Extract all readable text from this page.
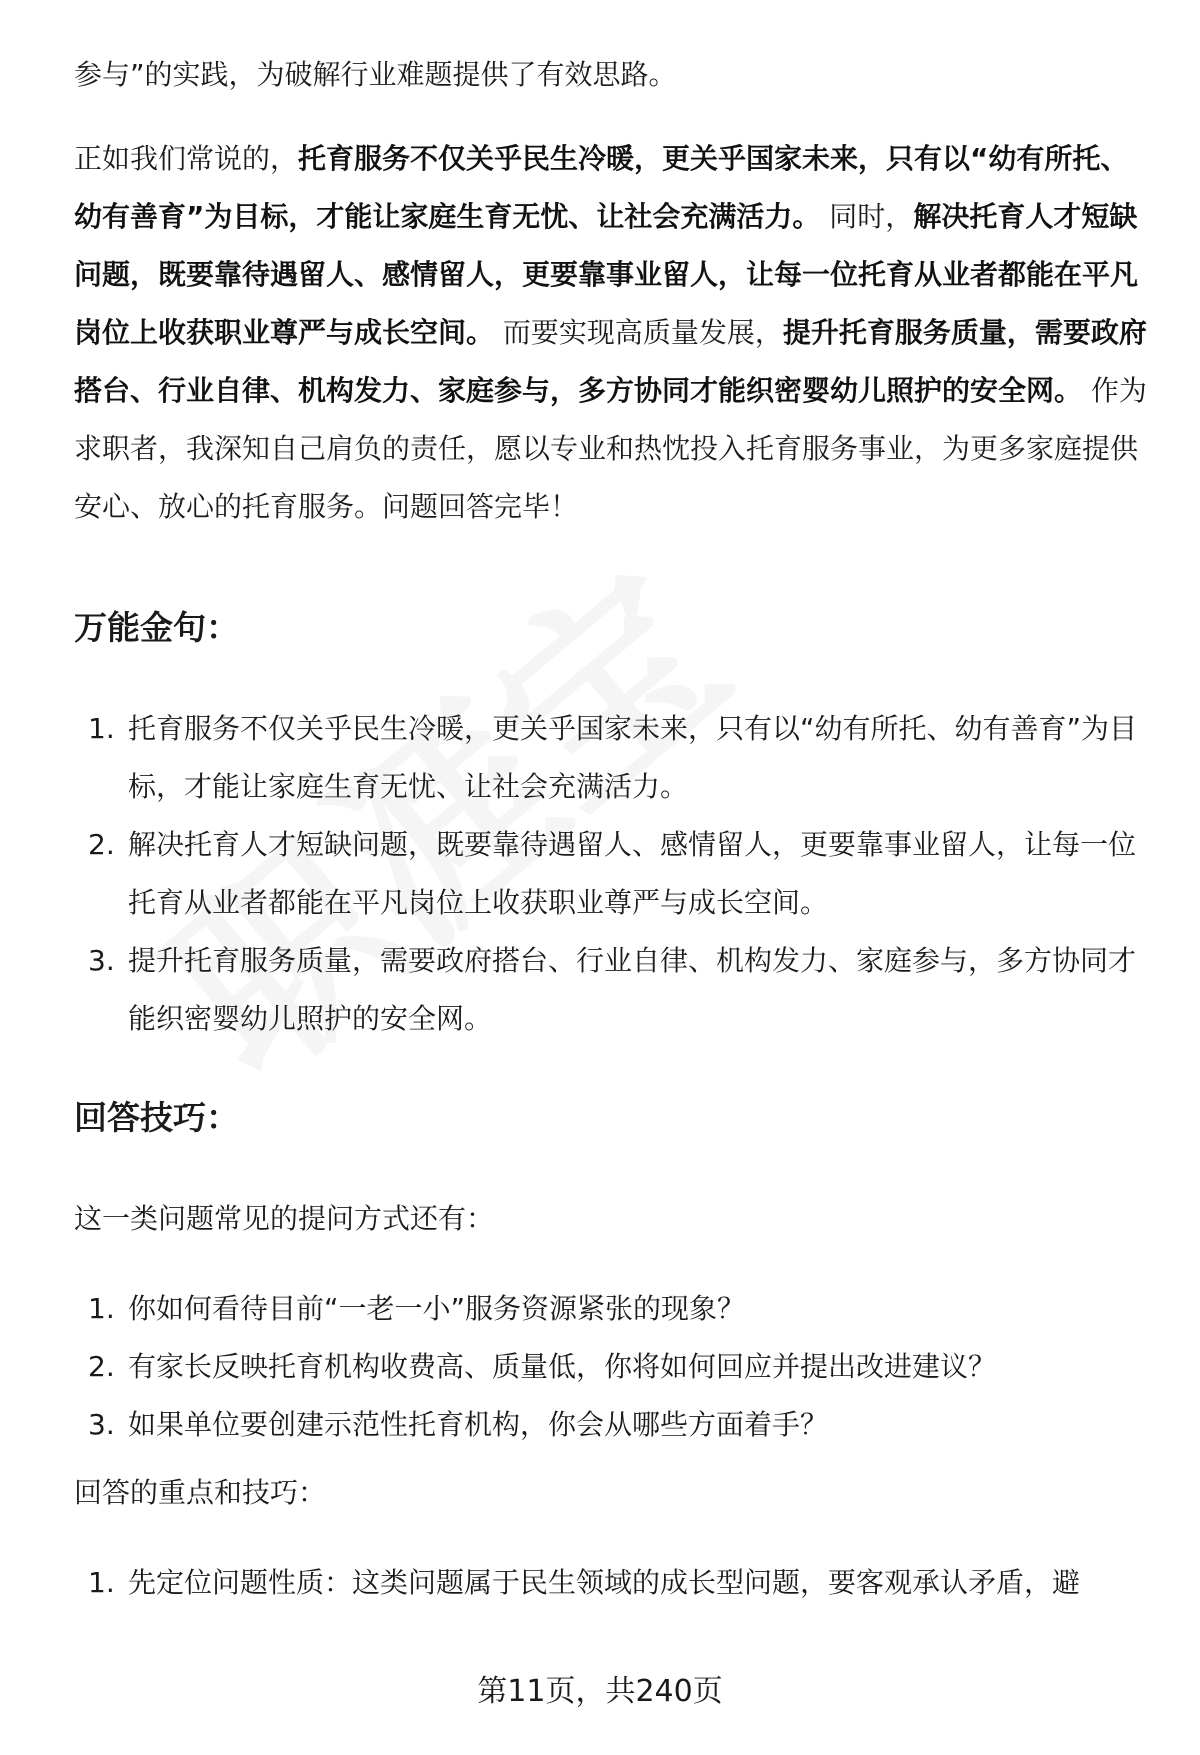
参与”的实践，为破解行业难题提供了有效思路。

正如我们常说的，托育服务不仅关乎民生冷暖，更关乎国家未来，只有以“幼有所托、幼有善育”为目标，才能让家庭生育无忧、让社会充满活力。 同时，解决托育人才短缺问题，既要靠待遇留人、感情留人，更要靠事业留人，让每一位托育从业者都能在平凡岗位上收获职业尊严与成长空间。 而要实现高质量发展，提升托育服务质量，需要政府搭台、行业自律、机构发力、家庭参与，多方协同才能织密婴幼儿照护的安全网。 作为求职者，我深知自己肩负的责任，愿以专业和热忱投入托育服务事业，为更多家庭提供安心、放心的托育服务。问题回答完毕！

万能金句：
1. 托育服务不仅关乎民生冷暖，更关乎国家未来，只有以“幼有所托、幼有善育”为目标，才能让家庭生育无忧、让社会充满活力。
2. 解决托育人才短缺问题，既要靠待遇留人、感情留人，更要靠事业留人，让每一位托育从业者都能在平凡岗位上收获职业尊严与成长空间。
3. 提升托育服务质量，需要政府搭台、行业自律、机构发力、家庭参与，多方协同才能织密婴幼儿照护的安全网。
回答技巧：

这一类问题常见的提问方式还有：

1. 你如何看待目前“一老一小”服务资源紧张的现象？
2. 有家长反映托育机构收费高、质量低，你将如何回应并提出改进建议？
3. 如果单位要创建示范性托育机构，你会从哪些方面着手？

回答的重点和技巧：

1. 先定位问题性质：这类问题属于民生领域的成长型问题，要客观承认矛盾，避
第11页，共240页
